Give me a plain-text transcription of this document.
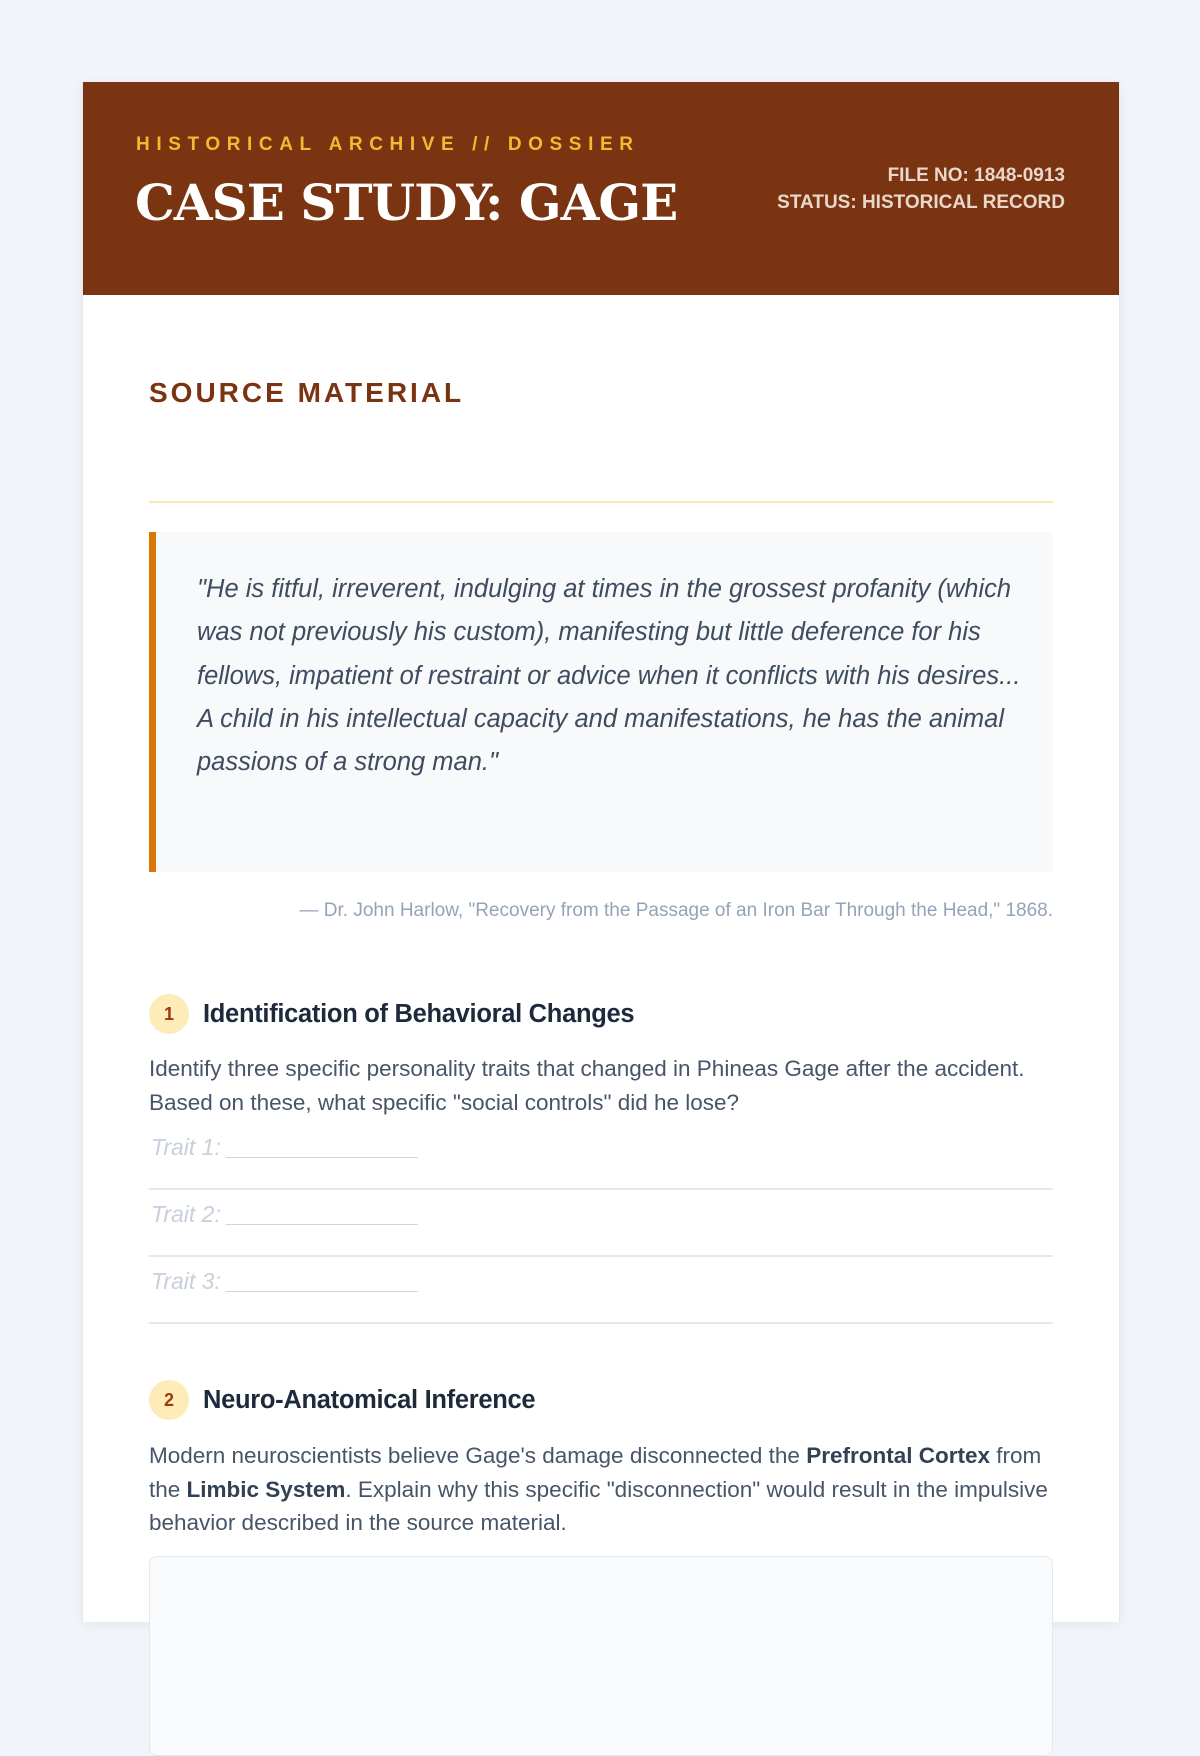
HISTORICAL ARCHIVE // DOSSIER
CASE STUDY: GAGE	FILE NO: 1848-0913
STATUS: HISTORICAL RECORD
SOURCE MATERIAL
"He is fitful, irreverent, indulging at times in the grossest profanity (which was not previously his custom), manifesting but little deference for his fellows, impatient of restraint or advice when it conflicts with his desires... A child in his intellectual capacity and manifestations, he has the animal passions of a strong man."
— Dr. John Harlow, "Recovery from the Passage of an Iron Bar Through the Head," 1868.
1	Identification of Behavioral Changes
Identify three specific personality traits that changed in Phineas Gage after the accident. Based on these, what specific "social controls" did he lose?
Trait 1: _______________
Trait 2: _______________
Trait 3: _______________
2	Neuro-Anatomical Inference
Modern neuroscientists believe Gage's damage disconnected the Prefrontal Cortex from the Limbic System. Explain why this specific "disconnection" would result in the impulsive behavior described in the source material.
